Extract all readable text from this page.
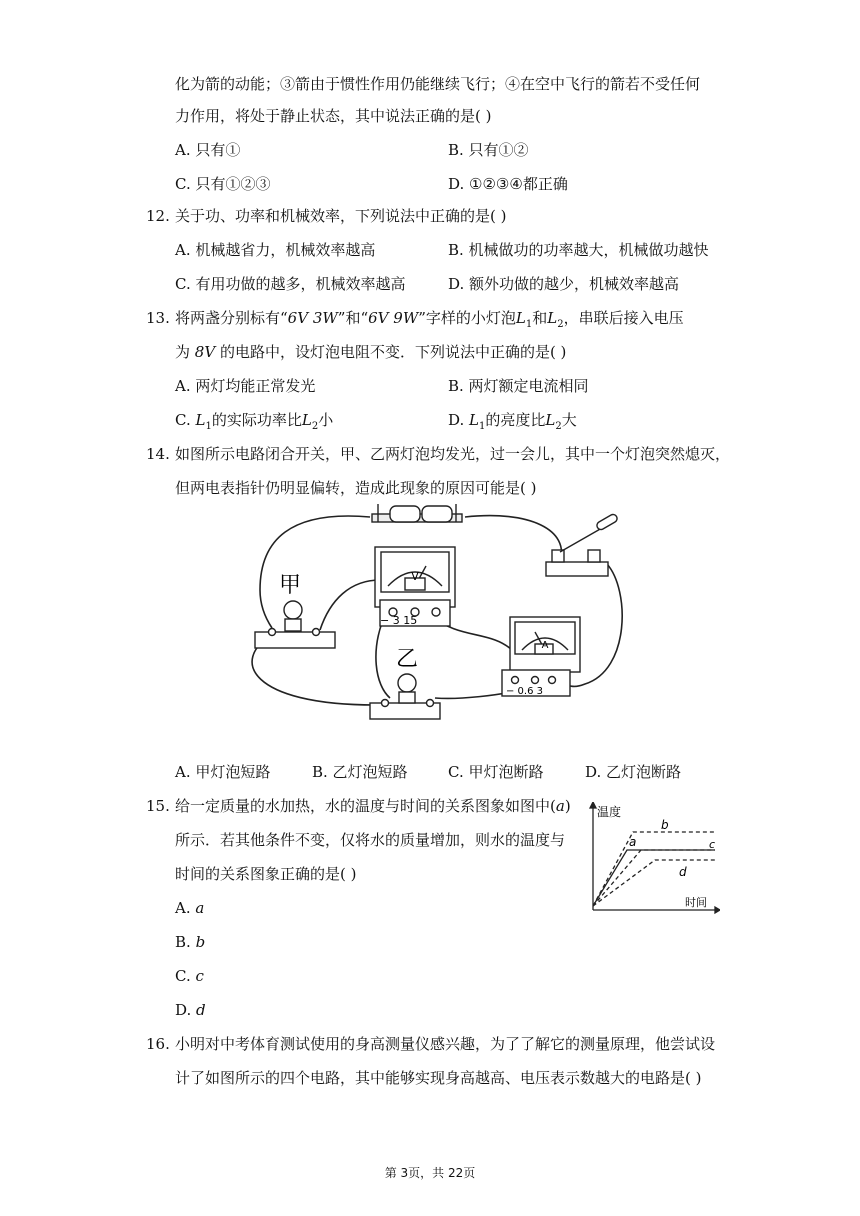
化为箭的动能；③箭由于惯性作用仍能继续飞行；④在空中飞行的箭若不受任何
力作用，将处于静止状态，其中说法正确的是( )
A. 只有①	B. 只有①②
C. 只有①②③	D. ①②③④都正确
12. 关于功、功率和机械效率，下列说法中正确的是( )
A. 机械越省力，机械效率越高	B. 机械做功的功率越大，机械做功越快
C. 有用功做的越多，机械效率越高	D. 额外功做的越少，机械效率越高
13. 将两盏分别标有“6V 3W”和“6V 9W”字样的小灯泡$L_1$和$L_2$，串联后接入电压
为 8V 的电路中，设灯泡电阻不变．下列说法中正确的是( )
A. 两灯均能正常发光	B. 两灯额定电流相同
C. $L_1$的实际功率比$L_2$小	D. $L_1$的亮度比$L_2$大
14. 如图所示电路闭合开关，甲、乙两灯泡均发光，过一会儿，其中一个灯泡突然熄灭，
但两电表指针仍明显偏转，造成此现象的原因可能是( )
V
− 3 15
A
− 0.6 3
甲
乙
A. 甲灯泡短路	B. 乙灯泡短路	C. 甲灯泡断路	D. 乙灯泡断路
15. 给一定质量的水加热，水的温度与时间的关系图象如图中(a)
所示．若其他条件不变，仅将水的质量增加，则水的温度与
时间的关系图象正确的是( )
A. a
B. b
C. c
D. d
温度
时间
b
a	c
d
16. 小明对中考体育测试使用的身高测量仪感兴趣，为了了解它的测量原理，他尝试设
计了如图所示的四个电路，其中能够实现身高越高、电压表示数越大的电路是( )
第 3页，共 22页
